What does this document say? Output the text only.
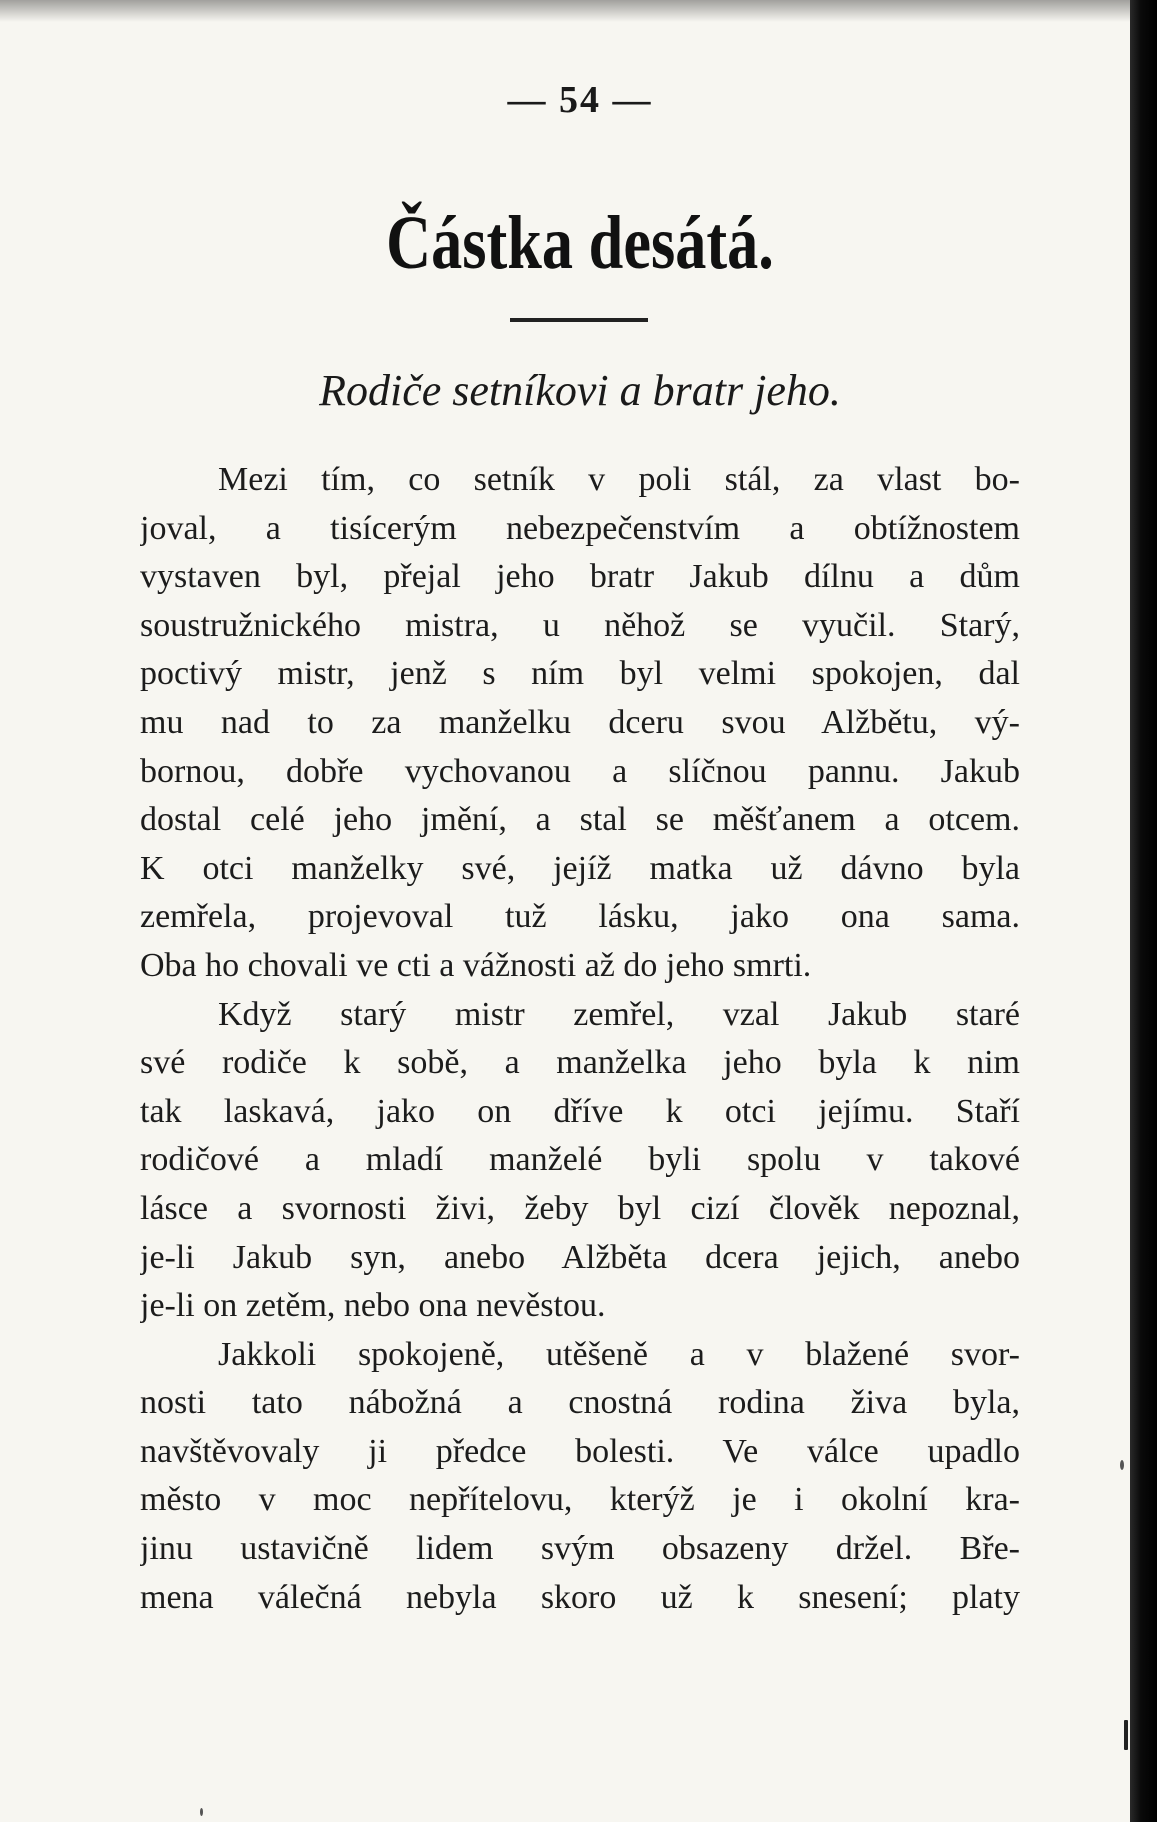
— 54 —
Částka desátá.
Rodiče setníkovi a bratr jeho.
Mezi tím, co setník v poli stál, za vlast bo-
joval, a tisícerým nebezpečenstvím a obtížnostem
vystaven byl, přejal jeho bratr Jakub dílnu a dům
soustružnického mistra, u něhož se vyučil. Starý,
poctivý mistr, jenž s ním byl velmi spokojen, dal
mu nad to za manželku dceru svou Alžbětu, vý-
bornou, dobře vychovanou a slíčnou pannu. Jakub
dostal celé jeho jmění, a stal se měšťanem a otcem.
K otci manželky své, jejíž matka už dávno byla
zemřela, projevoval tuž lásku, jako ona sama.
Oba ho chovali ve cti a vážnosti až do jeho smrti.
Když starý mistr zemřel, vzal Jakub staré
své rodiče k sobě, a manželka jeho byla k nim
tak laskavá, jako on dříve k otci jejímu. Staří
rodičové a mladí manželé byli spolu v takové
lásce a svornosti živi, žeby byl cizí člověk nepoznal,
je-li Jakub syn, anebo Alžběta dcera jejich, anebo
je-li on zetěm, nebo ona nevěstou.
Jakkoli spokojeně, utěšeně a v blažené svor-
nosti tato nábožná a cnostná rodina živa byla,
navštěvovaly ji předce bolesti. Ve válce upadlo
město v moc nepřítelovu, kterýž je i okolní kra-
jinu ustavičně lidem svým obsazeny držel. Bře-
mena válečná nebyla skoro už k snesení; platy
